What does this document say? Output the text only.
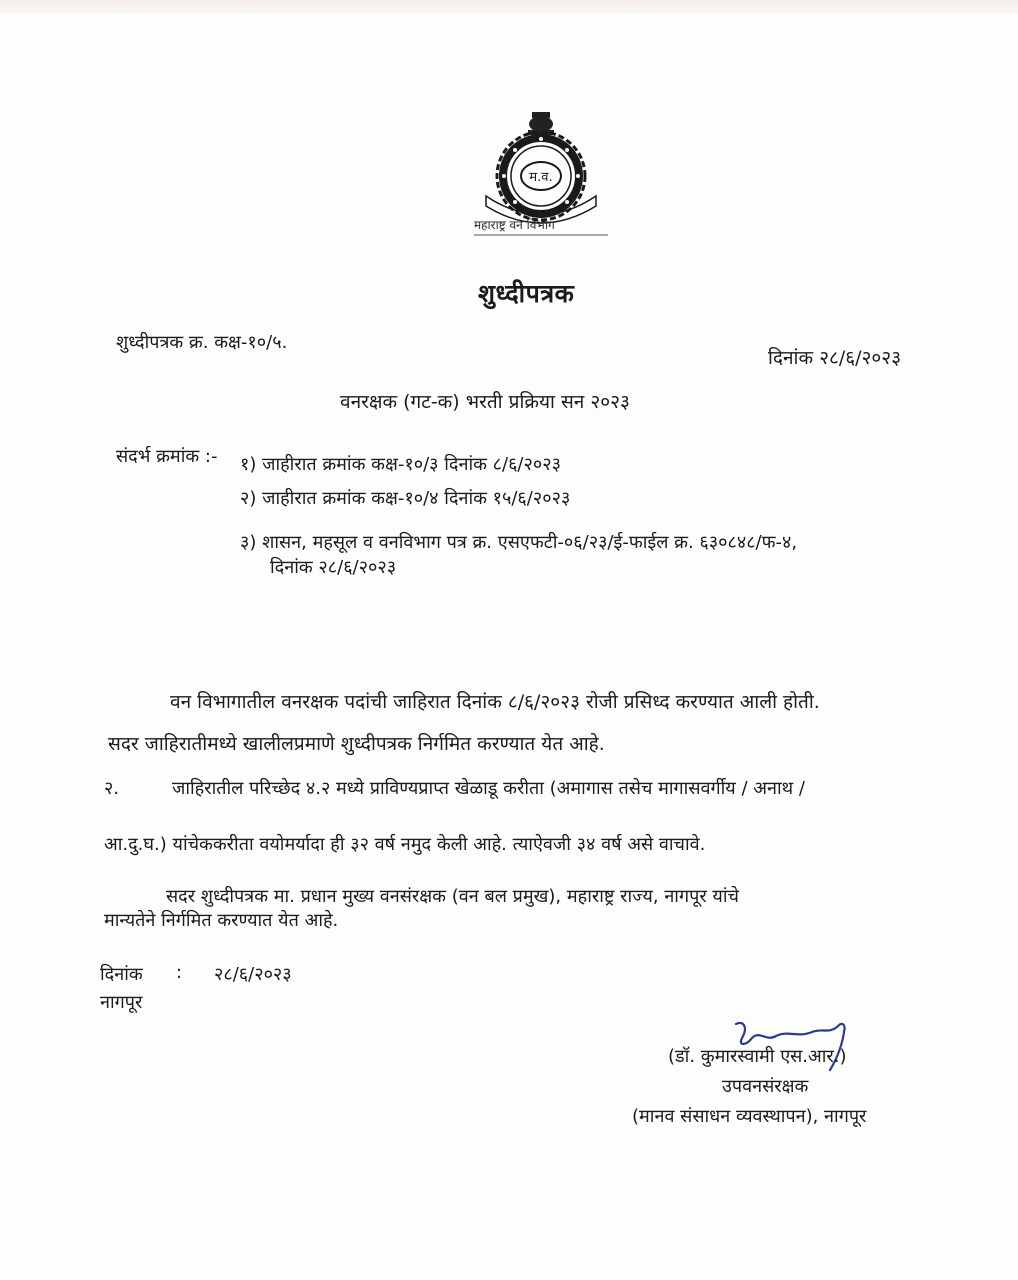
म.व.
महाराष्ट्र वन विभाग
शुध्दीपत्रक
शुध्दीपत्रक क्र. कक्ष-१०/५.
दिनांक २८/६/२०२३
वनरक्षक (गट-क) भरती प्रक्रिया सन २०२३
संदर्भ क्रमांक :- १) जाहीरात क्रमांक कक्ष-१०/३ दिनांक ८/६/२०२३
२) जाहीरात क्रमांक कक्ष-१०/४ दिनांक १५/६/२०२३
३) शासन, महसूल व वनविभाग पत्र क्र. एसएफटी-०६/२३/ई-फाईल क्र. ६३०८४८/फ-४,
दिनांक २८/६/२०२३
वन विभागातील वनरक्षक पदांची जाहिरात दिनांक ८/६/२०२३ रोजी प्रसिध्द करण्यात आली होती.
सदर जाहिरातीमध्ये खालीलप्रमाणे शुध्दीपत्रक निर्गमित करण्यात येत आहे.
२.	जाहिरातील परिच्छेद ४.२ मध्ये प्राविण्यप्राप्त खेळाडू करीता (अमागास तसेच मागासवर्गीय / अनाथ /
आ.दु.घ.) यांचेककरीता वयोमर्यादा ही ३२ वर्ष नमुद केली आहे. त्याऐवजी ३४ वर्ष असे वाचावे.
सदर शुध्दीपत्रक मा. प्रधान मुख्य वनसंरक्षक (वन बल प्रमुख), महाराष्ट्र राज्य, नागपूर यांचे
मान्यतेने निर्गमित करण्यात येत आहे.
दिनांक : २८/६/२०२३
नागपूर
(डॉ. कुमारस्वामी एस.आर.)
उपवनसंरक्षक
(मानव संसाधन व्यवस्थापन), नागपूर
